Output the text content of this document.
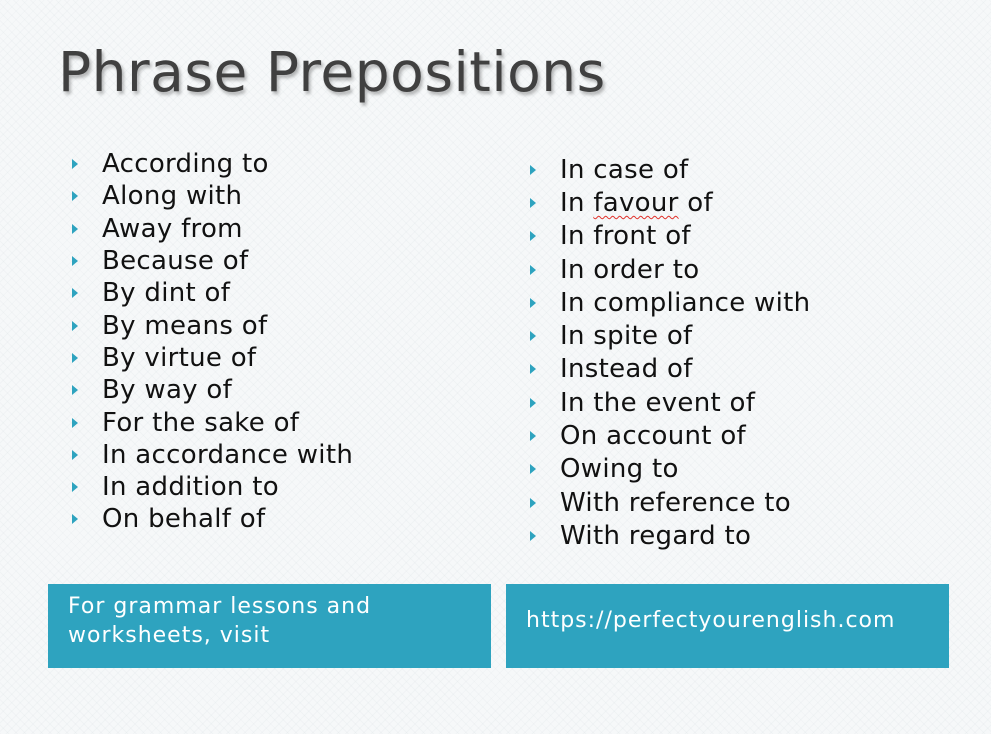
Phrase Prepositions
According to
Along with
Away from
Because of
By dint of
By means of
By virtue of
By way of
For the sake of
In accordance with
In addition to
On behalf of
In case of
In favour of
In front of
In order to
In compliance with
In spite of
Instead of
In the event of
On account of
Owing to
With reference to
With regard to
For grammar lessons and worksheets, visit
https://perfectyourenglish.com
